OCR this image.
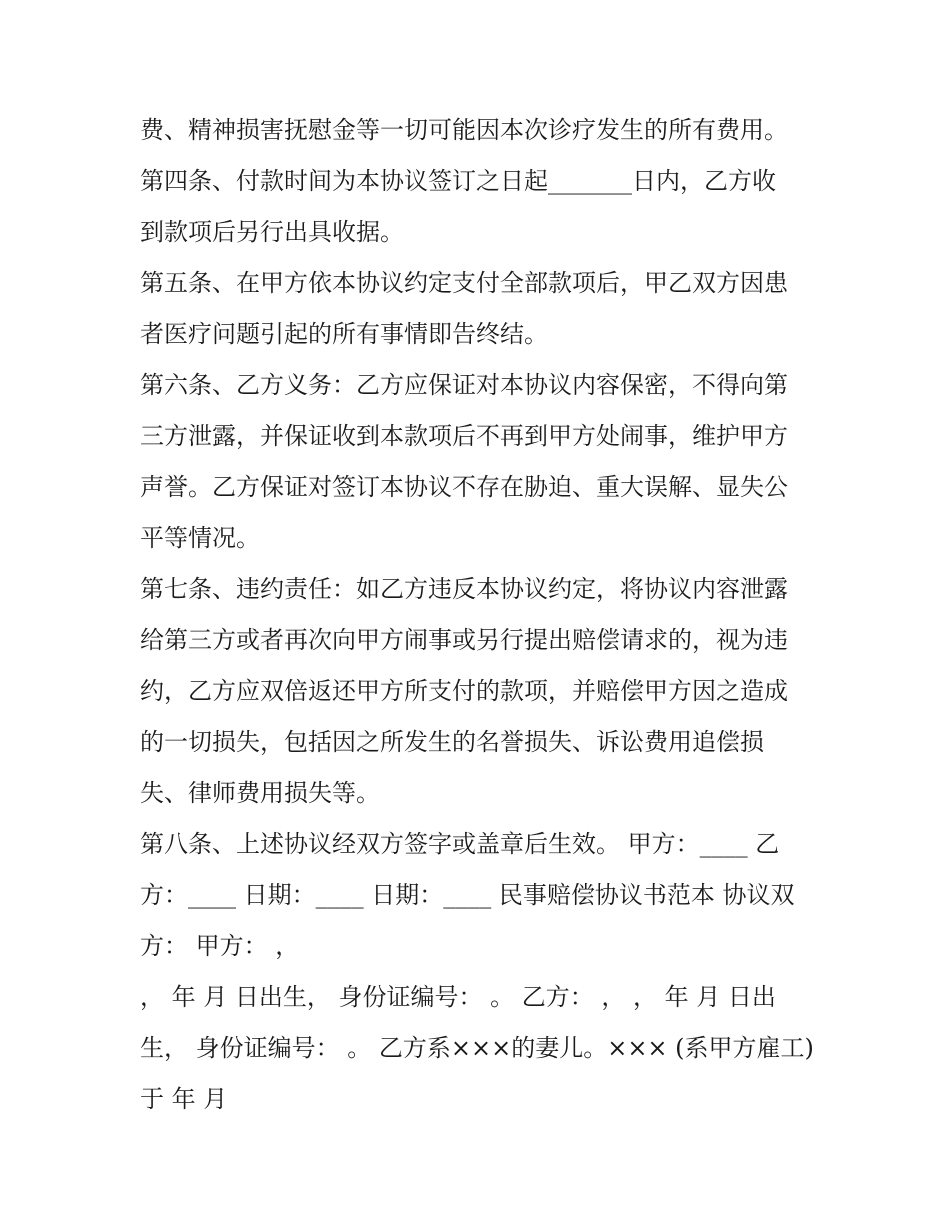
费、精神损害抚慰金等一切可能因本次诊疗发生的所有费用。
第四条、付款时间为本协议签订之日起_______日内，乙方收
到款项后另行出具收据。
第五条、在甲方依本协议约定支付全部款项后，甲乙双方因患
者医疗问题引起的所有事情即告终结。
第六条、乙方义务：乙方应保证对本协议内容保密，不得向第
三方泄露，并保证收到本款项后不再到甲方处闹事，维护甲方
声誉。乙方保证对签订本协议不存在胁迫、重大误解、显失公
平等情况。
第七条、违约责任：如乙方违反本协议约定，将协议内容泄露
给第三方或者再次向甲方闹事或另行提出赔偿请求的，视为违
约，乙方应双倍返还甲方所支付的款项，并赔偿甲方因之造成
的一切损失，包括因之所发生的名誉损失、诉讼费用追偿损
失、律师费用损失等。
第八条、上述协议经双方签字或盖章后生效。 甲方：____ 乙
方：____ 日期：____ 日期：____ 民事赔偿协议书范本 协议双
方： 甲方： ，
， 年 月 日出生， 身份证编号： 。 乙方： ， ， 年 月 日出
生， 身份证编号： 。 乙方系×××的妻儿。××× (系甲方雇工)
于 年 月
